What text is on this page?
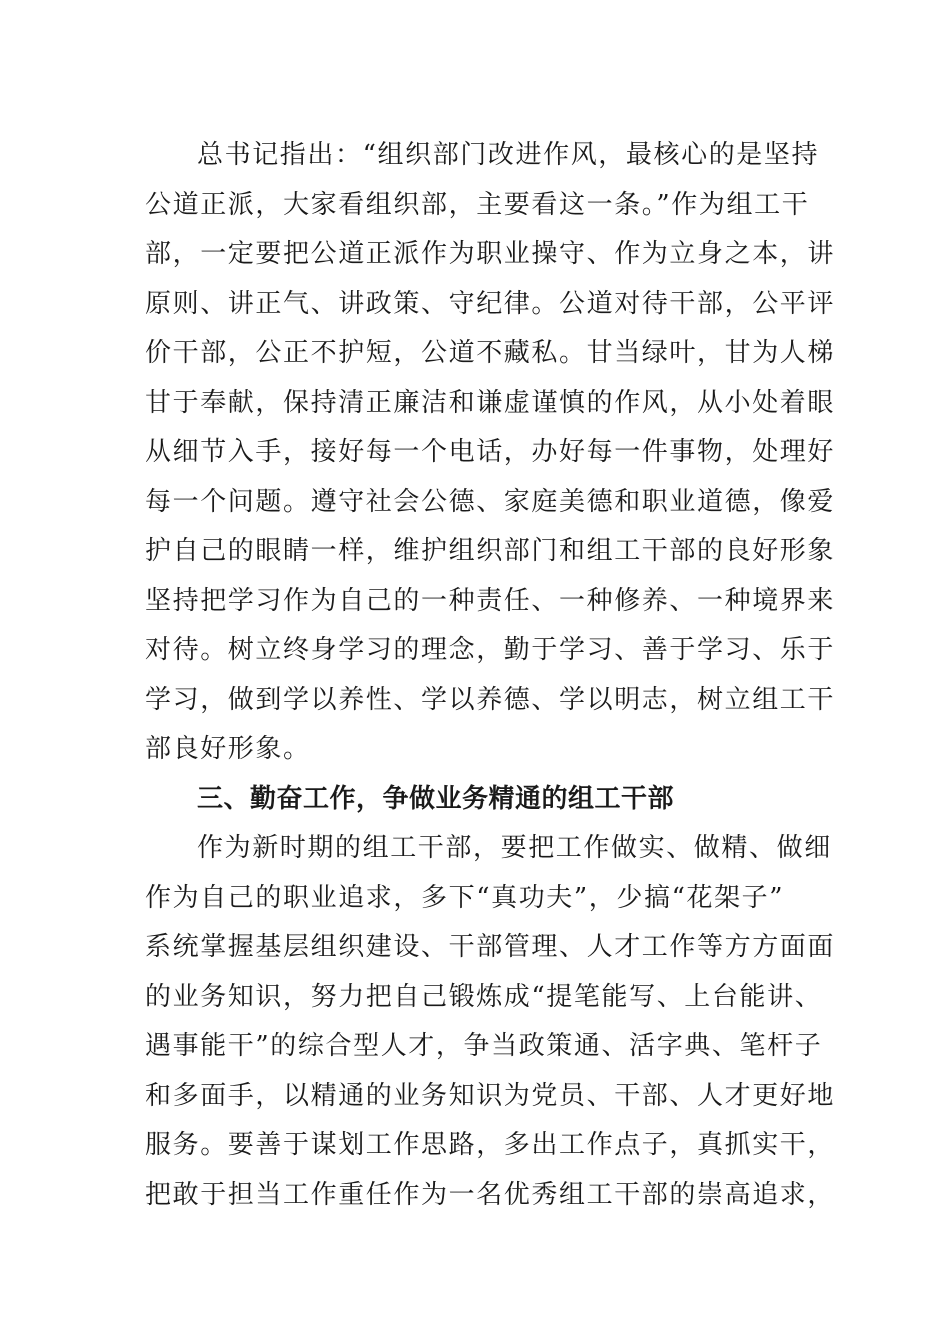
总书记指出：“组织部门改进作风，最核心的是坚持
公道正派，大家看组织部，主要看这一条。”作为组工干
部，一定要把公道正派作为职业操守、作为立身之本，讲
原则、讲正气、讲政策、守纪律。公道对待干部，公平评
价干部，公正不护短，公道不藏私。甘当绿叶，甘为人梯
甘于奉献，保持清正廉洁和谦虚谨慎的作风，从小处着眼
从细节入手，接好每一个电话，办好每一件事物，处理好
每一个问题。遵守社会公德、家庭美德和职业道德，像爱
护自己的眼睛一样，维护组织部门和组工干部的良好形象
坚持把学习作为自己的一种责任、一种修养、一种境界来
对待。树立终身学习的理念，勤于学习、善于学习、乐于
学习，做到学以养性、学以养德、学以明志，树立组工干
部良好形象。
三、勤奋工作，争做业务精通的组工干部
作为新时期的组工干部，要把工作做实、做精、做细
作为自己的职业追求，多下“真功夫”，少搞“花架子”
系统掌握基层组织建设、干部管理、人才工作等方方面面
的业务知识，努力把自己锻炼成“提笔能写、上台能讲、
遇事能干”的综合型人才，争当政策通、活字典、笔杆子
和多面手，以精通的业务知识为党员、干部、人才更好地
服务。要善于谋划工作思路，多出工作点子，真抓实干，
把敢于担当工作重任作为一名优秀组工干部的崇高追求，
